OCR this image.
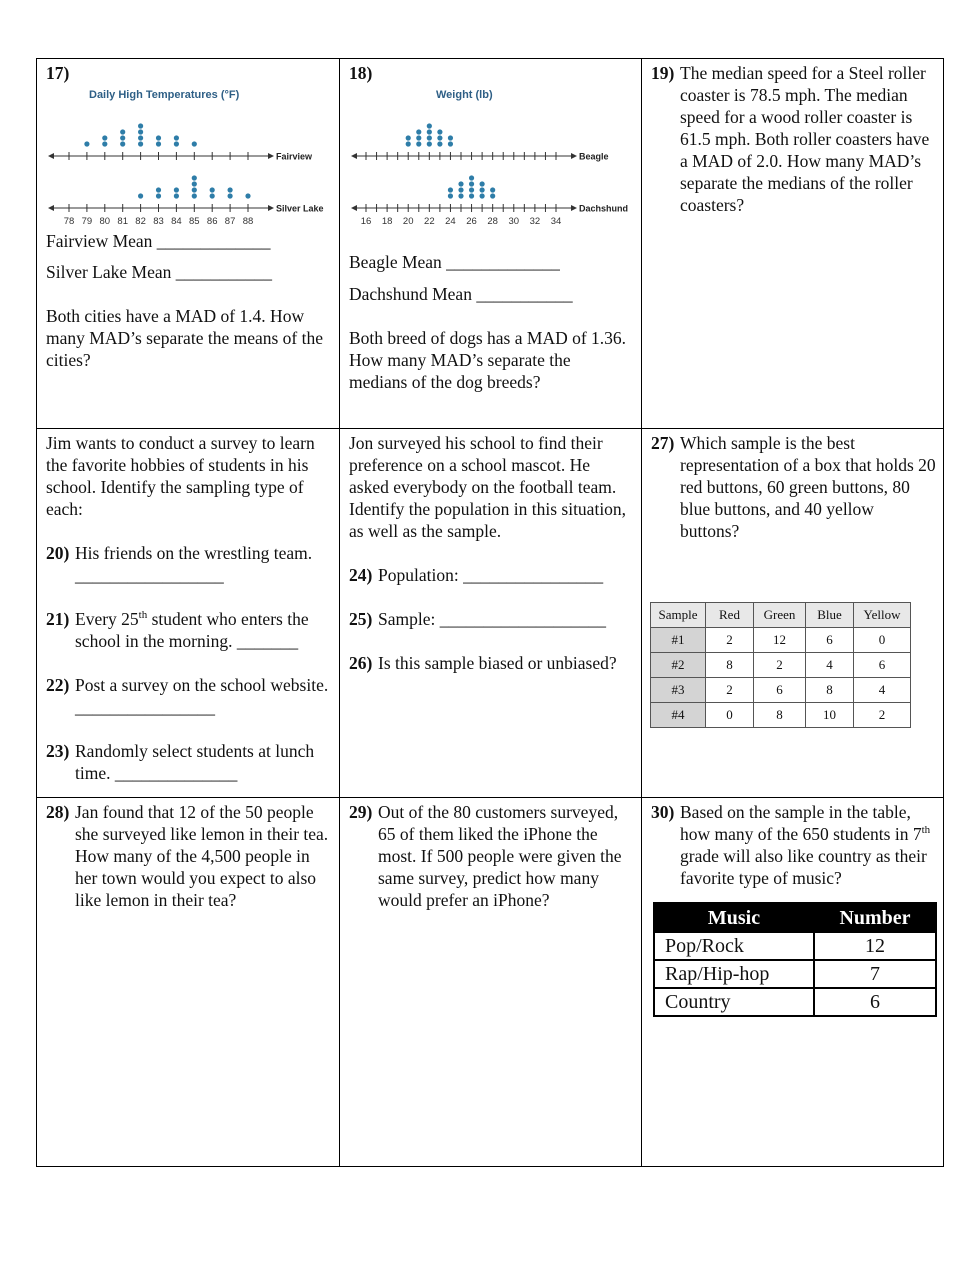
17)
Daily High Temperatures (°F)
Fairview
Silver Lake
78 79 80 81 82 83 84 85 86 87 88

Fairview Mean _____________

Silver Lake Mean ___________

Both cities have a MAD of 1.4. How many MAD’s separate the means of the cities?

18)
Weight (lb)
Beagle
Dachshund
16 18 20 22 24 26 28 30 32 34

Beagle Mean _____________

Dachshund Mean ___________

Both breed of dogs has a MAD of 1.36. How many MAD’s separate the medians of the dog breeds?

19) The median speed for a Steel roller coaster is 78.5 mph. The median speed for a wood roller coaster is 61.5 mph. Both roller coasters have a MAD of 2.0. How many MAD’s separate the medians of the roller coasters?

Jim wants to conduct a survey to learn the favorite hobbies of students in his school. Identify the sampling type of each:

20) His friends on the wrestling team. _________________
21) Every 25th student who enters the school in the morning. _______
22) Post a survey on the school website. ________________
23) Randomly select students at lunch time. ______________

Jon surveyed his school to find their preference on a school mascot. He asked everybody on the football team. Identify the population in this situation, as well as the sample.

24) Population: ________________
25) Sample: ___________________
26) Is this sample biased or unbiased?
27) Which sample is the best representation of a box that holds 20 red buttons, 60 green buttons, 80 blue buttons, and 40 yellow buttons?
Sample	Red	Green	Blue	Yellow
#1	2	12	6	0
#2	8	2	4	6
#3	2	6	8	4
#4	0	8	10	2
28) Jan found that 12 of the 50 people she surveyed like lemon in their tea. How many of the 4,500 people in her town would you expect to also like lemon in their tea?
29) Out of the 80 customers surveyed, 65 of them liked the iPhone the most. If 500 people were given the same survey, predict how many would prefer an iPhone?
30) Based on the sample in the table, how many of the 650 students in 7th grade will also like country as their favorite type of music?
Music	Number
Pop/Rock	12
Rap/Hip-hop	7
Country	6
